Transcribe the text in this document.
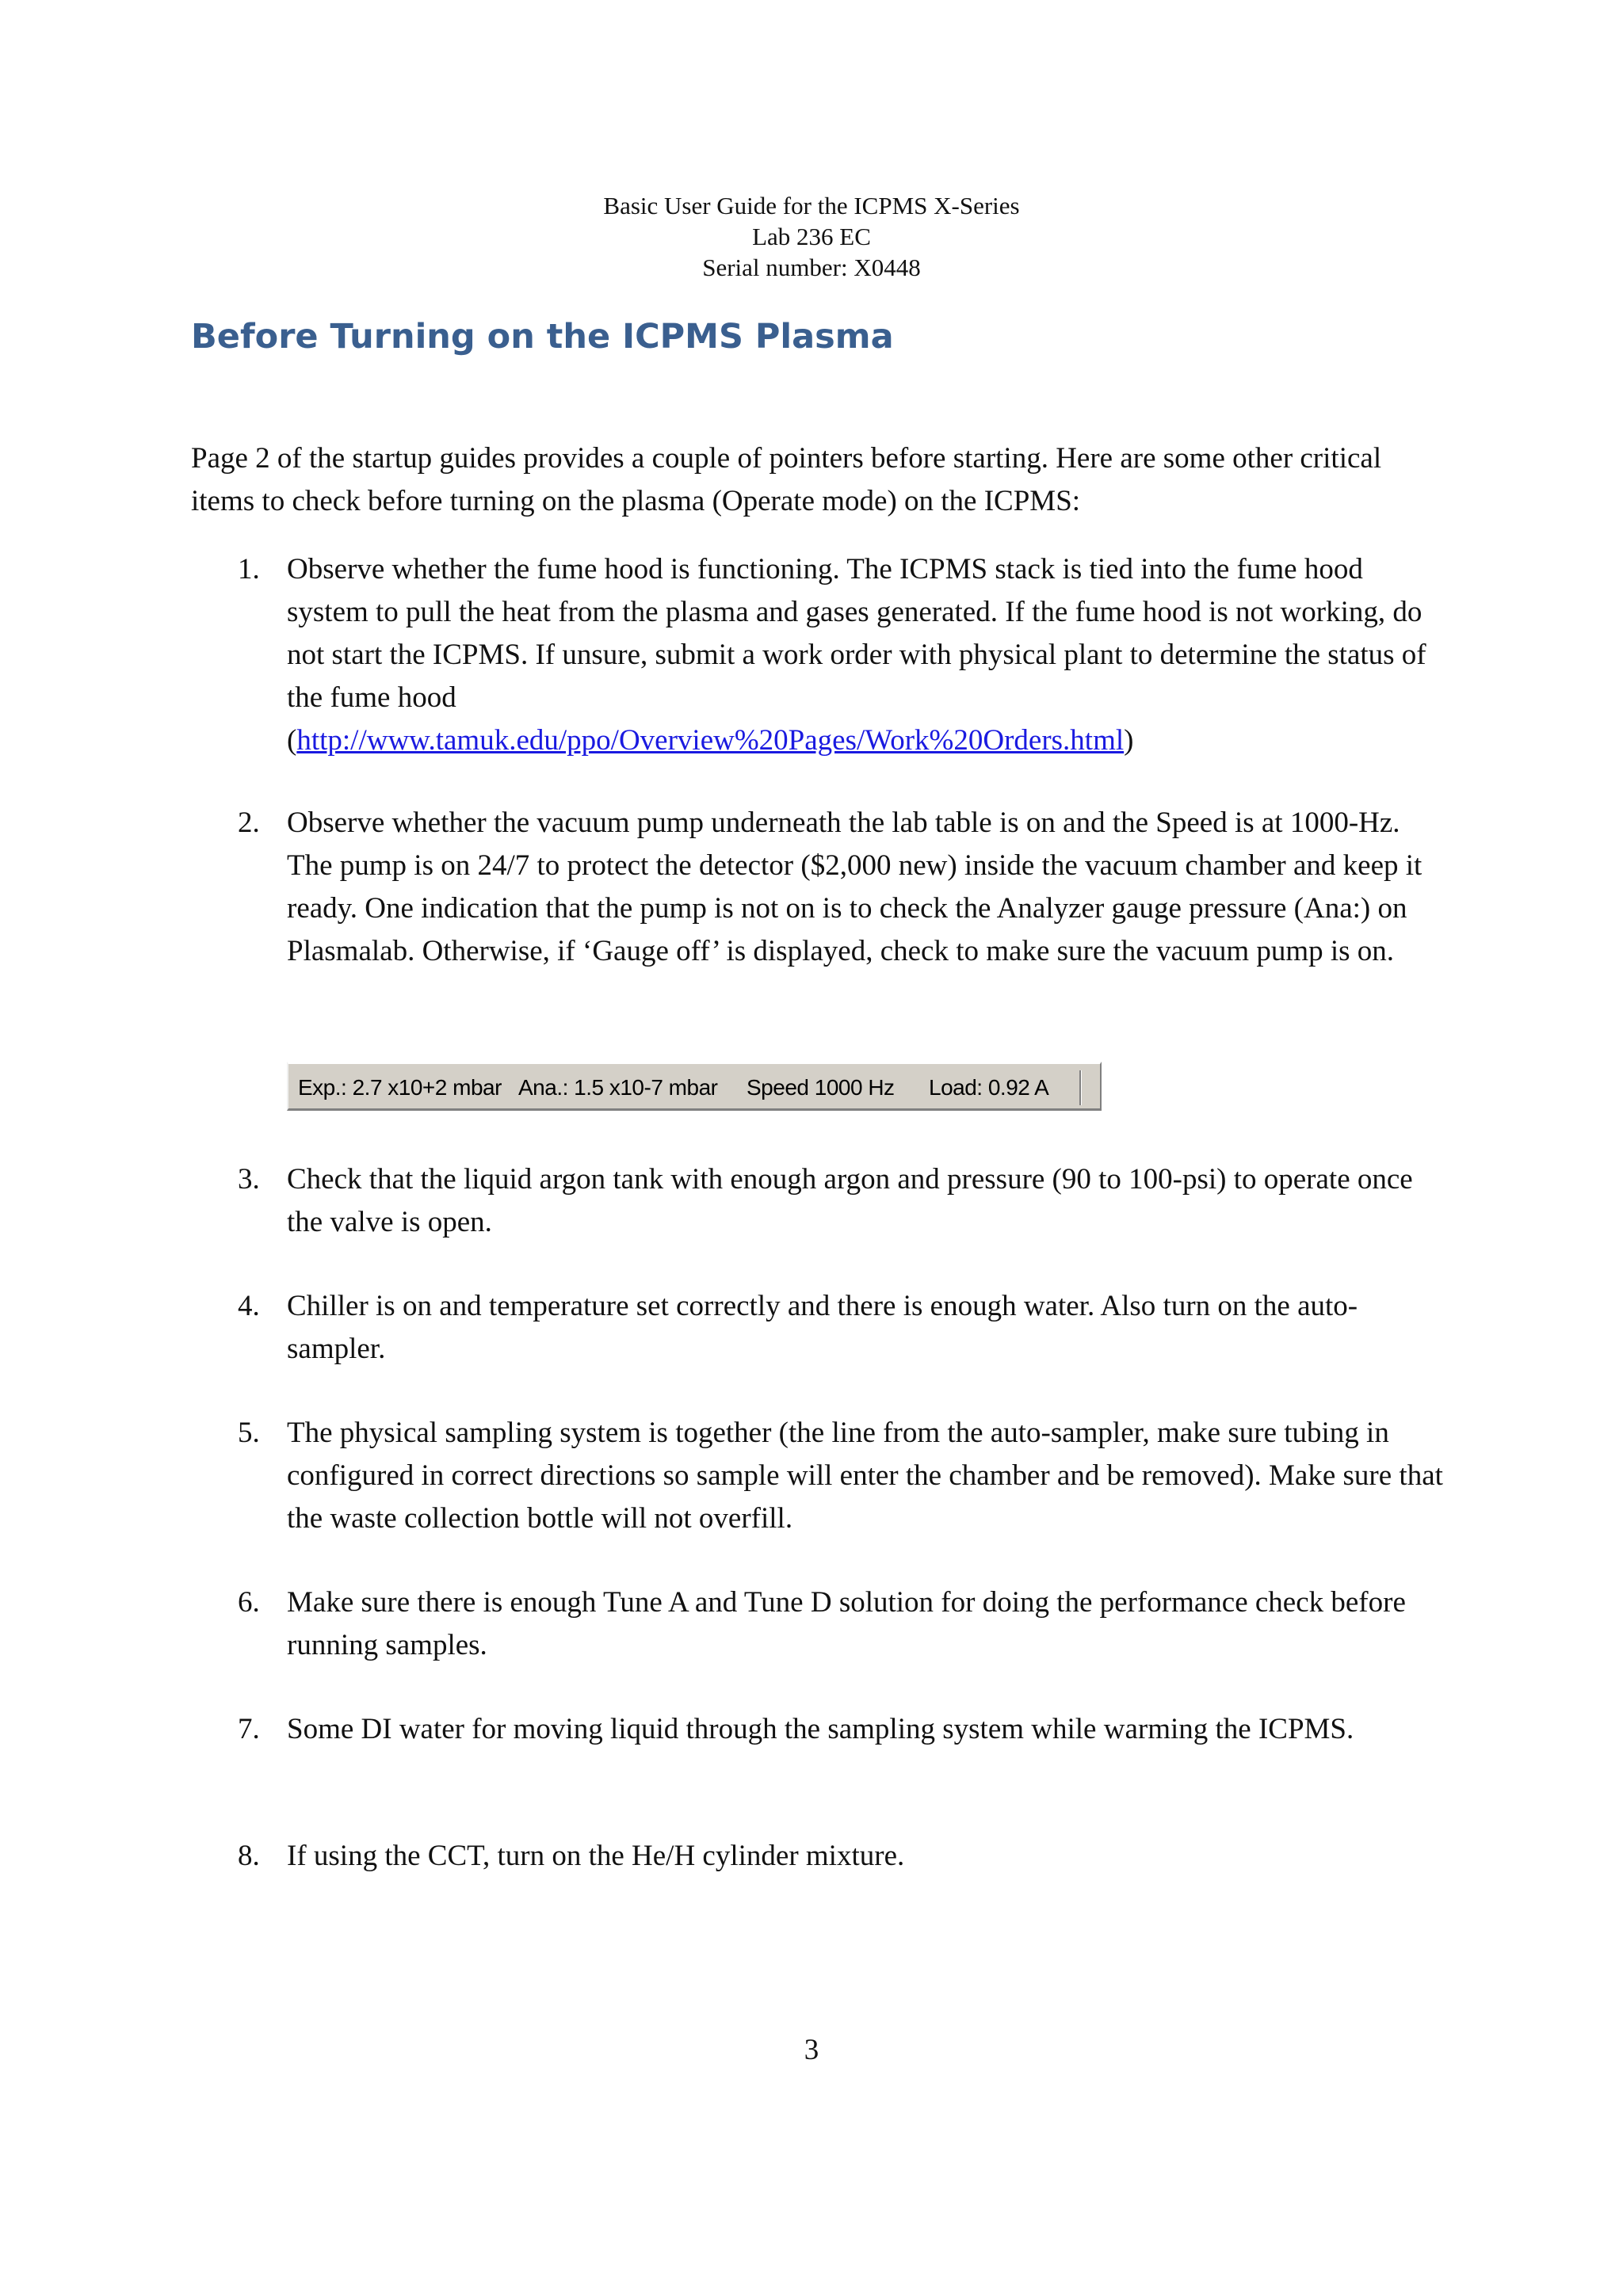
Basic User Guide for the ICPMS X-Series
Lab 236 EC
Serial number: X0448
Before Turning on the ICPMS Plasma

Page 2 of the startup guides provides a couple of pointers before starting. Here are some other critical items to check before turning on the plasma (Operate mode) on the ICPMS:

1. Observe whether the fume hood is functioning. The ICPMS stack is tied into the fume hood system to pull the heat from the plasma and gases generated. If the fume hood is not working, do not start the ICPMS. If unsure, submit a work order with physical plant to determine the status of the fume hood
(http://www.tamuk.edu/ppo/Overview%20Pages/Work%20Orders.html)
2. Observe whether the vacuum pump underneath the lab table is on and the Speed is at 1000-Hz. The pump is on 24/7 to protect the detector ($2,000 new) inside the vacuum chamber and keep it ready. One indication that the pump is not on is to check the Analyzer gauge pressure (Ana:) on Plasmalab. Otherwise, if ‘Gauge off’ is displayed, check to make sure the vacuum pump is on.
3. Check that the liquid argon tank with enough argon and pressure (90 to 100-psi) to operate once the valve is open.
4. Chiller is on and temperature set correctly and there is enough water. Also turn on the auto-sampler.
5. The physical sampling system is together (the line from the auto-sampler, make sure tubing in configured in correct directions so sample will enter the chamber and be removed). Make sure that the waste collection bottle will not overfill.
6. Make sure there is enough Tune A and Tune D solution for doing the performance check before running samples.
7. Some DI water for moving liquid through the sampling system while warming the ICPMS.
8. If using the CCT, turn on the He/H cylinder mixture.
Exp.: 2.7 x10+2 mbar Ana.: 1.5 x10-7 mbar Speed 1000 Hz Load: 0.92 A
3
